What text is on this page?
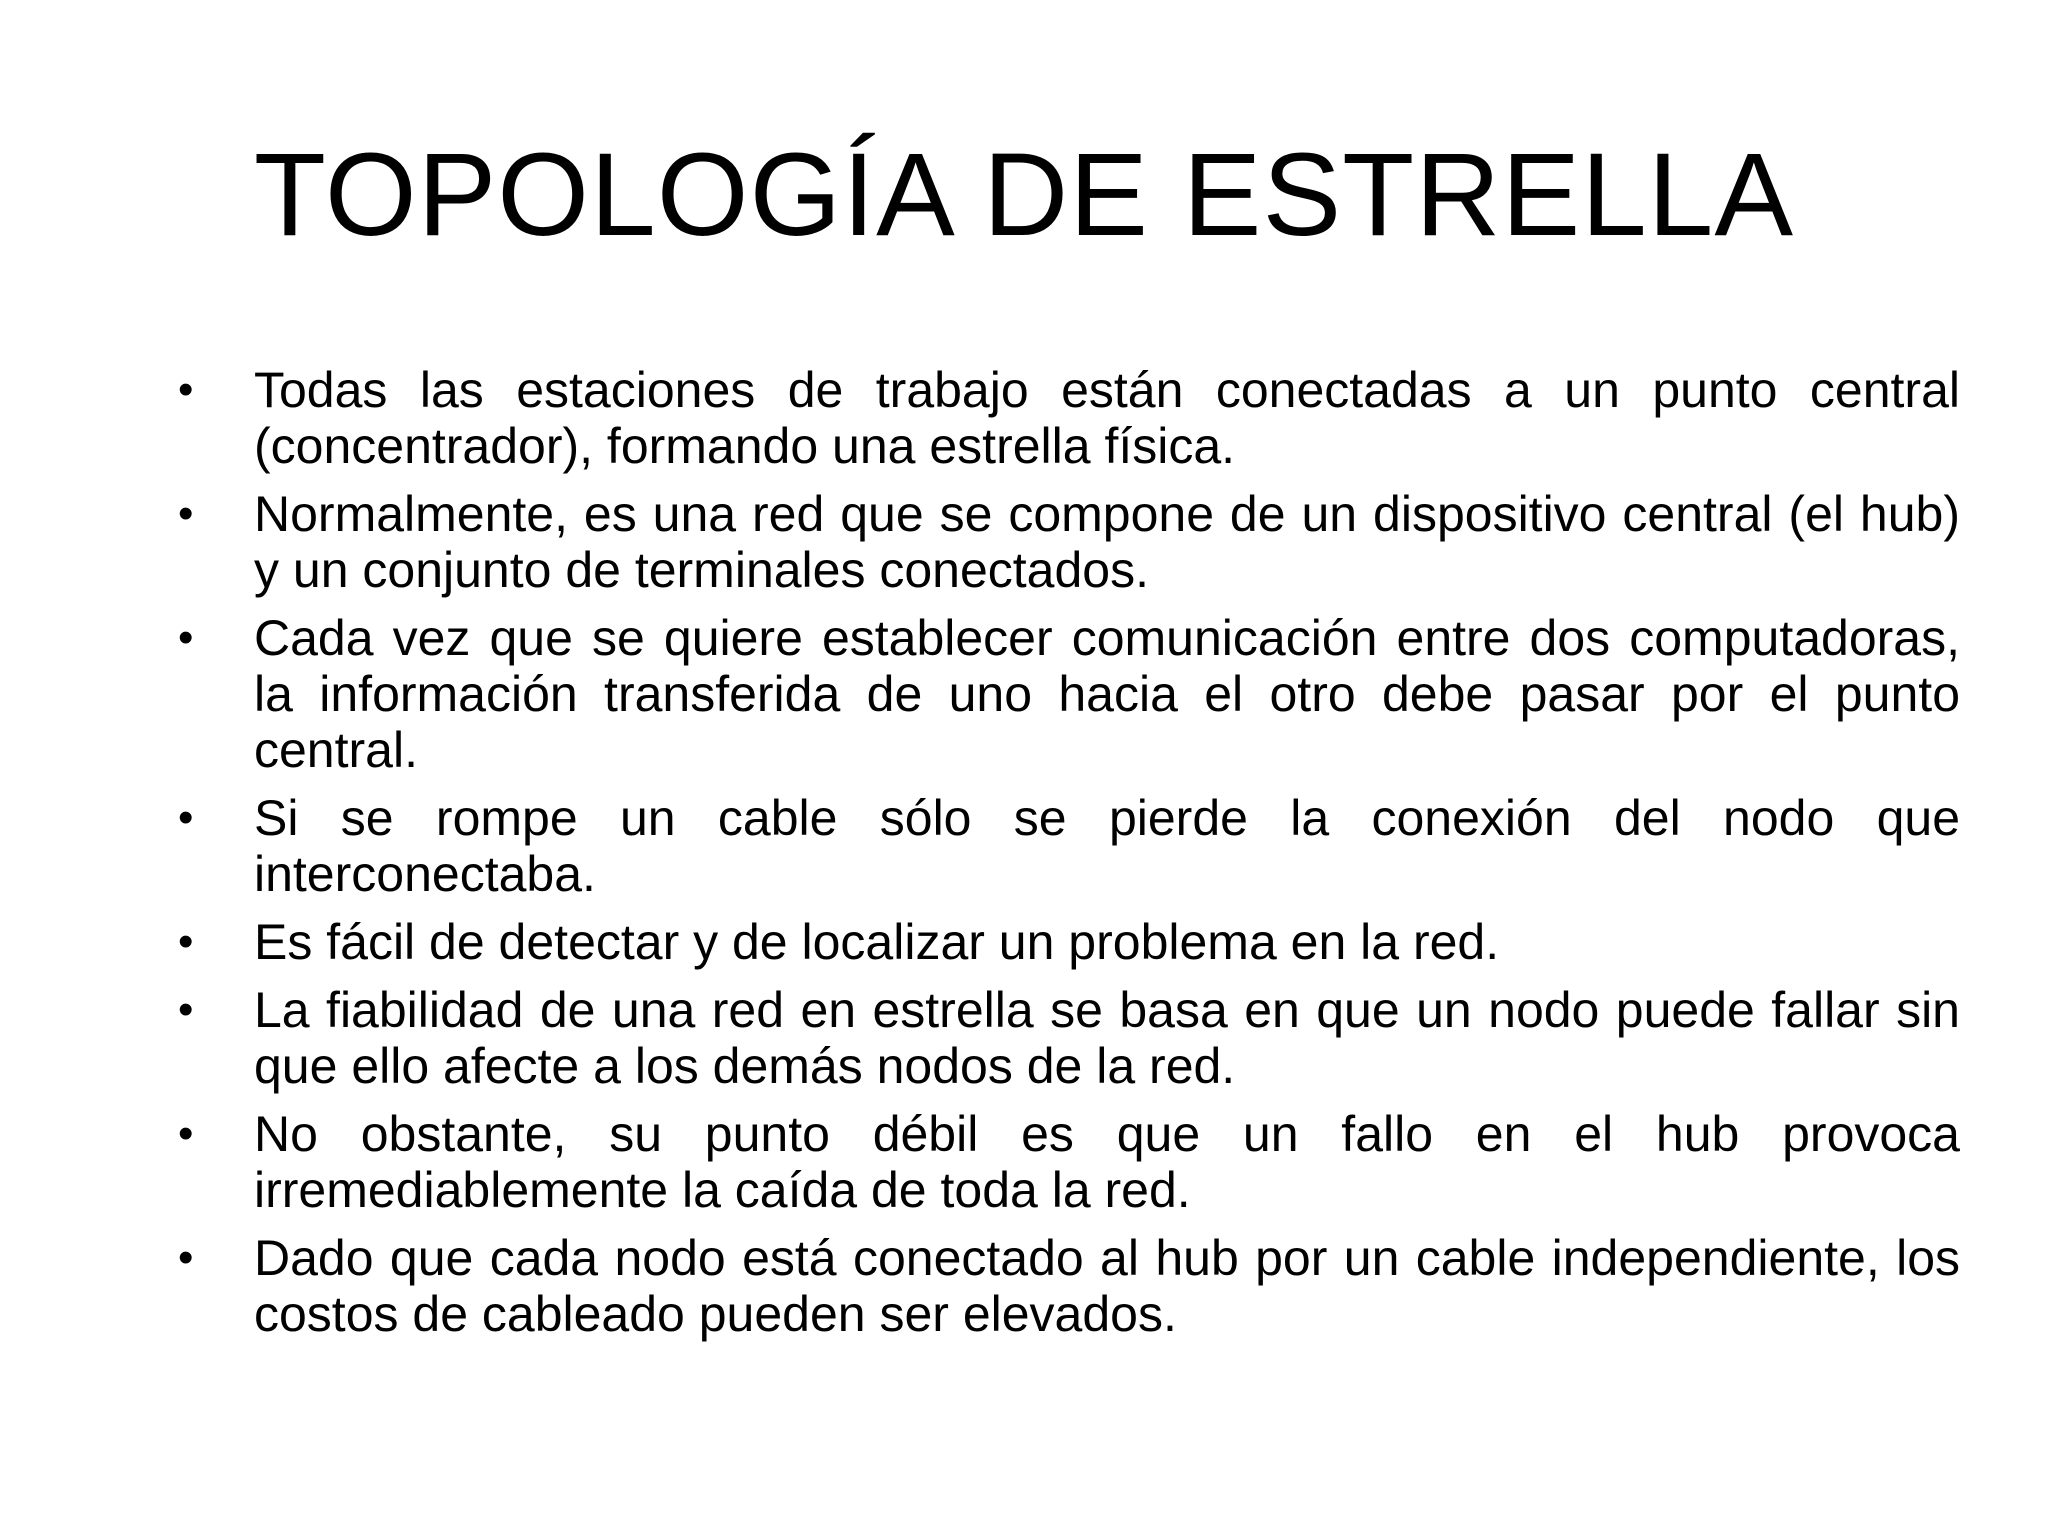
TOPOLOGÍA DE ESTRELLA
•	Todas las estaciones de trabajo están conectadas a un punto central (concentrador), formando una estrella física.
•	Normalmente, es una red que se compone de un dispositivo central (el hub) y un conjunto de terminales conectados.
•	Cada vez que se quiere establecer comunicación entre dos computadoras, la información transferida de uno hacia el otro debe pasar por el punto central.
•	Si se rompe un cable sólo se pierde la conexión del nodo que interconectaba.
•	Es fácil de detectar y de localizar un problema en la red.
•	La fiabilidad de una red en estrella se basa en que un nodo puede fallar sin que ello afecte a los demás nodos de la red.
•	No obstante, su punto débil es que un fallo en el hub provoca irremediablemente la caída de toda la red.
•	Dado que cada nodo está conectado al hub por un cable independiente, los costos de cableado pueden ser elevados.
